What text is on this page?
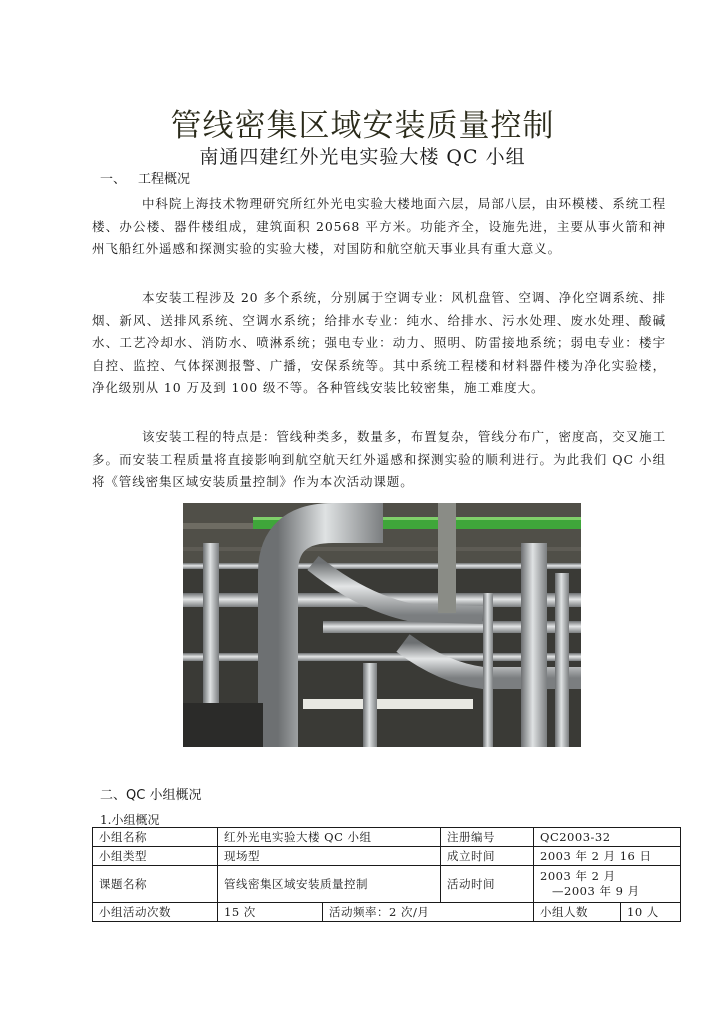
管线密集区域安装质量控制
南通四建红外光电实验大楼 QC 小组
一、 工程概况
中科院上海技术物理研究所红外光电实验大楼地面六层，局部八层，由环模楼、系统工程楼、办公楼、器件楼组成，建筑面积 20568 平方米。功能齐全，设施先进，主要从事火箭和神州飞船红外遥感和探测实验的实验大楼，对国防和航空航天事业具有重大意义。
本安装工程涉及 20 多个系统，分别属于空调专业：风机盘管、空调、净化空调系统、排烟、新风、送排风系统、空调水系统；给排水专业：纯水、给排水、污水处理、废水处理、酸碱水、工艺冷却水、消防水、喷淋系统；强电专业：动力、照明、防雷接地系统；弱电专业：楼宇自控、监控、气体探测报警、广播，安保系统等。其中系统工程楼和材料器件楼为净化实验楼，净化级别从 10 万及到 100 级不等。各种管线安装比较密集，施工难度大。
该安装工程的特点是：管线种类多，数量多，布置复杂，管线分布广，密度高，交叉施工多。而安装工程质量将直接影响到航空航天红外遥感和探测实验的顺利进行。为此我们 QC 小组将《管线密集区域安装质量控制》作为本次活动课题。
二、QC 小组概况
1.小组概况
小组名称	红外光电实验大楼 QC 小组		注册编号	QC2003-32	
小组类型	现场型		成立时间	2003 年 2 月 16 日	
课题名称	管线密集区域安装质量控制		活动时间	2003 年 2 月
—2003 年 9 月	

小组活动次数	15 次	活动频率：2 次/月		小组人数	10 人
